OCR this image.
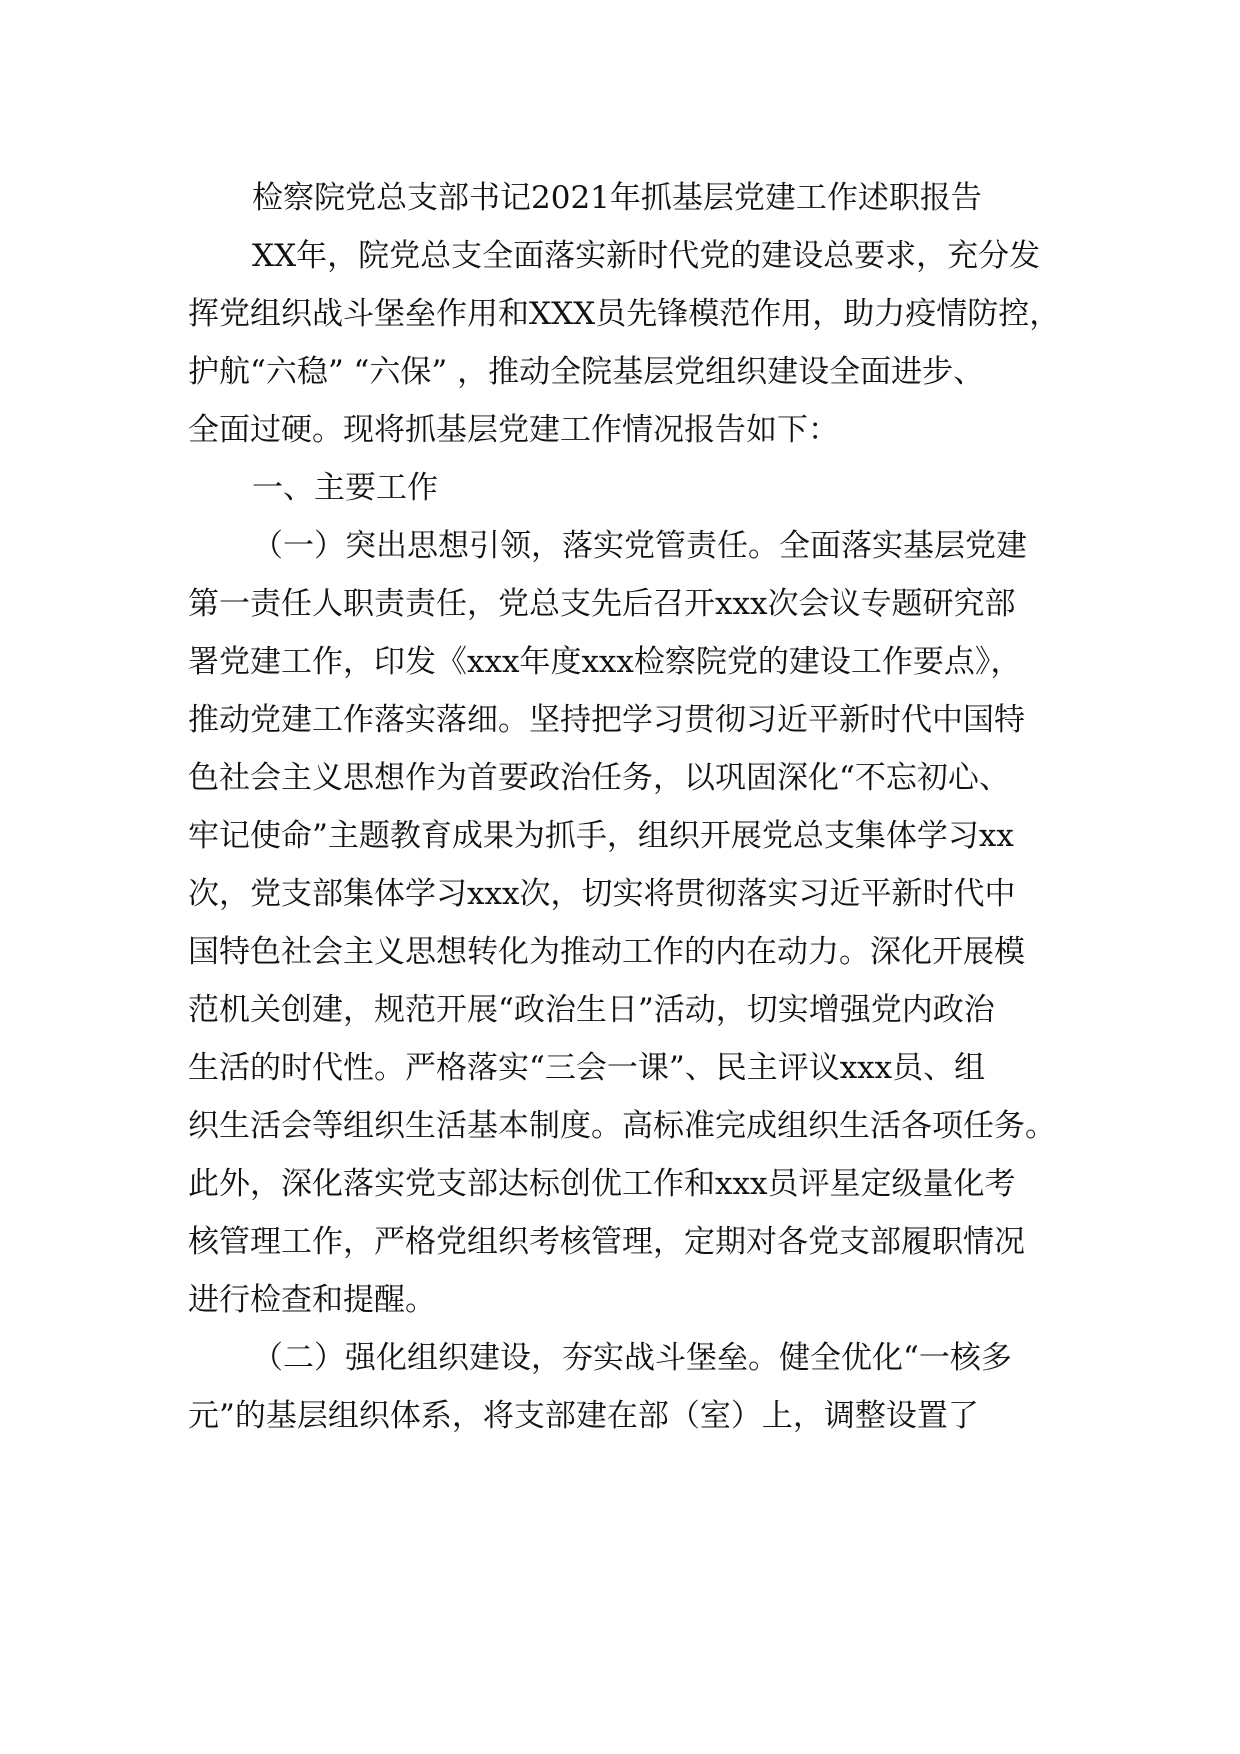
检察院党总支部书记2021年抓基层党建工作述职报告
XX年，院党总支全面落实新时代党的建设总要求，充分发
挥党组织战斗堡垒作用和XXX员先锋模范作用，助力疫情防控，
护航“六稳” “六保” ，推动全院基层党组织建设全面进步、
全面过硬。现将抓基层党建工作情况报告如下：
一、主要工作
（一）突出思想引领，落实党管责任。全面落实基层党建
第一责任人职责责任，党总支先后召开xxx次会议专题研究部
署党建工作，印发《xxx年度xxx检察院党的建设工作要点》，
推动党建工作落实落细。坚持把学习贯彻习近平新时代中国特
色社会主义思想作为首要政治任务，以巩固深化“不忘初心、
牢记使命”主题教育成果为抓手，组织开展党总支集体学习xx
次，党支部集体学习xxx次，切实将贯彻落实习近平新时代中
国特色社会主义思想转化为推动工作的内在动力。深化开展模
范机关创建，规范开展“政治生日”活动，切实增强党内政治
生活的时代性。严格落实“三会一课”、民主评议xxx员、组
织生活会等组织生活基本制度。高标准完成组织生活各项任务。
此外，深化落实党支部达标创优工作和xxx员评星定级量化考
核管理工作，严格党组织考核管理，定期对各党支部履职情况
进行检查和提醒。
（二）强化组织建设，夯实战斗堡垒。健全优化“一核多
元”的基层组织体系，将支部建在部（室）上，调整设置了
